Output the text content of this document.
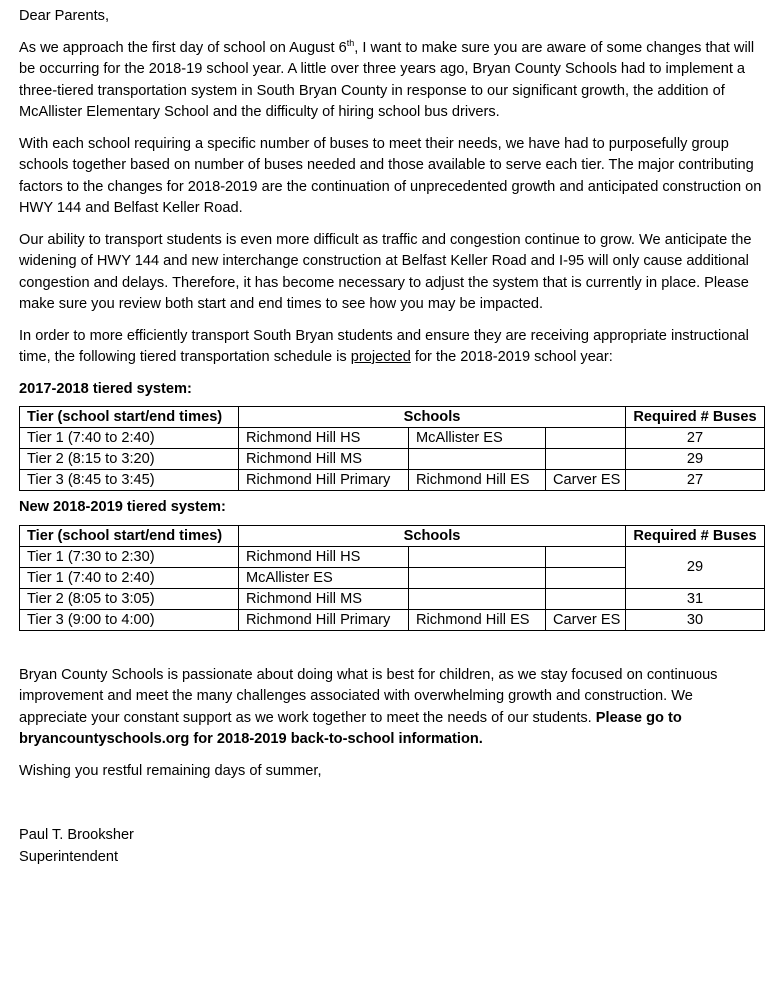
Dear Parents,

As we approach the first day of school on August 6th, I want to make sure you are aware of some changes that will be occurring for the 2018-19 school year. A little over three years ago, Bryan County Schools had to implement a three-tiered transportation system in South Bryan County in response to our significant growth, the addition of McAllister Elementary School and the difficulty of hiring school bus drivers.

With each school requiring a specific number of buses to meet their needs, we have had to purposefully group schools together based on number of buses needed and those available to serve each tier. The major contributing factors to the changes for 2018-2019 are the continuation of unprecedented growth and anticipated construction on HWY 144 and Belfast Keller Road.

Our ability to transport students is even more difficult as traffic and congestion continue to grow. We anticipate the widening of HWY 144 and new interchange construction at Belfast Keller Road and I-95 will only cause additional congestion and delays. Therefore, it has become necessary to adjust the system that is currently in place. Please make sure you review both start and end times to see how you may be impacted.

In order to more efficiently transport South Bryan students and ensure they are receiving appropriate instructional time, the following tiered transportation schedule is projected for the 2018-2019 school year:

2017-2018 tiered system:

Tier (school start/end times)	Schools			Required # Buses
Tier 1 (7:40 to 2:40)	Richmond Hill HS	McAllister ES		27
Tier 2 (8:15 to 3:20)	Richmond Hill MS			29
Tier 3 (8:45 to 3:45)	Richmond Hill Primary	Richmond Hill ES	Carver ES	27

New 2018-2019 tiered system:

Tier (school start/end times)	Schools			Required # Buses
Tier 1 (7:30 to 2:30)	Richmond Hill HS			29
Tier 1 (7:40 to 2:40)	McAllister ES			
Tier 2 (8:05 to 3:05)	Richmond Hill MS			31
Tier 3 (9:00 to 4:00)	Richmond Hill Primary	Richmond Hill ES	Carver ES	30

Bryan County Schools is passionate about doing what is best for children, as we stay focused on continuous improvement and meet the many challenges associated with overwhelming growth and construction. We appreciate your constant support as we work together to meet the needs of our students. Please go to bryancountyschools.org for 2018-2019 back-to-school information.

Wishing you restful remaining days of summer,

Paul T. Brooksher

Superintendent
